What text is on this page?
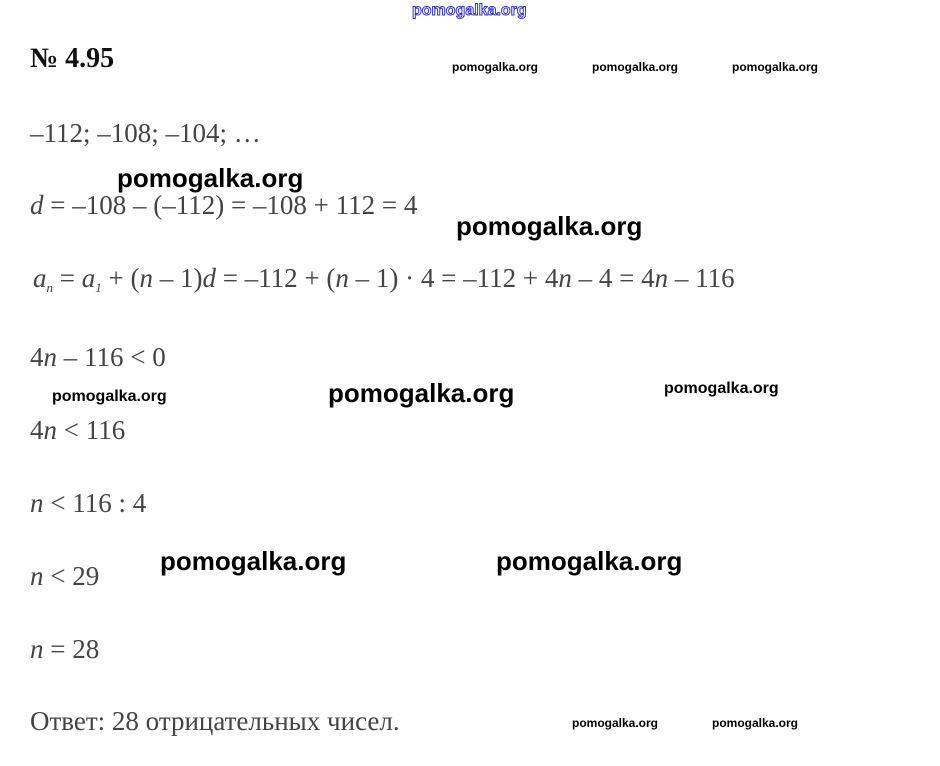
pomogalka.org
№ 4.95	pomogalka.org	pomogalka.org	pomogalka.org
–112; –108; –104; …
pomogalka.org
d = –108 – (–112) = –108 + 112 = 4
pomogalka.org
$a_n = a_1 + (n - 1)d = -112 + (n - 1) \cdot 4 = -112 + 4n - 4 = 4n - 116$
4n – 116 < 0
pomogalka.org	pomogalka.org	pomogalka.org
4n < 116
n < 116 : 4
pomogalka.org	pomogalka.org
n < 29
n = 28
Ответ: 28 отрицательных чисел.	pomogalka.org	pomogalka.org
